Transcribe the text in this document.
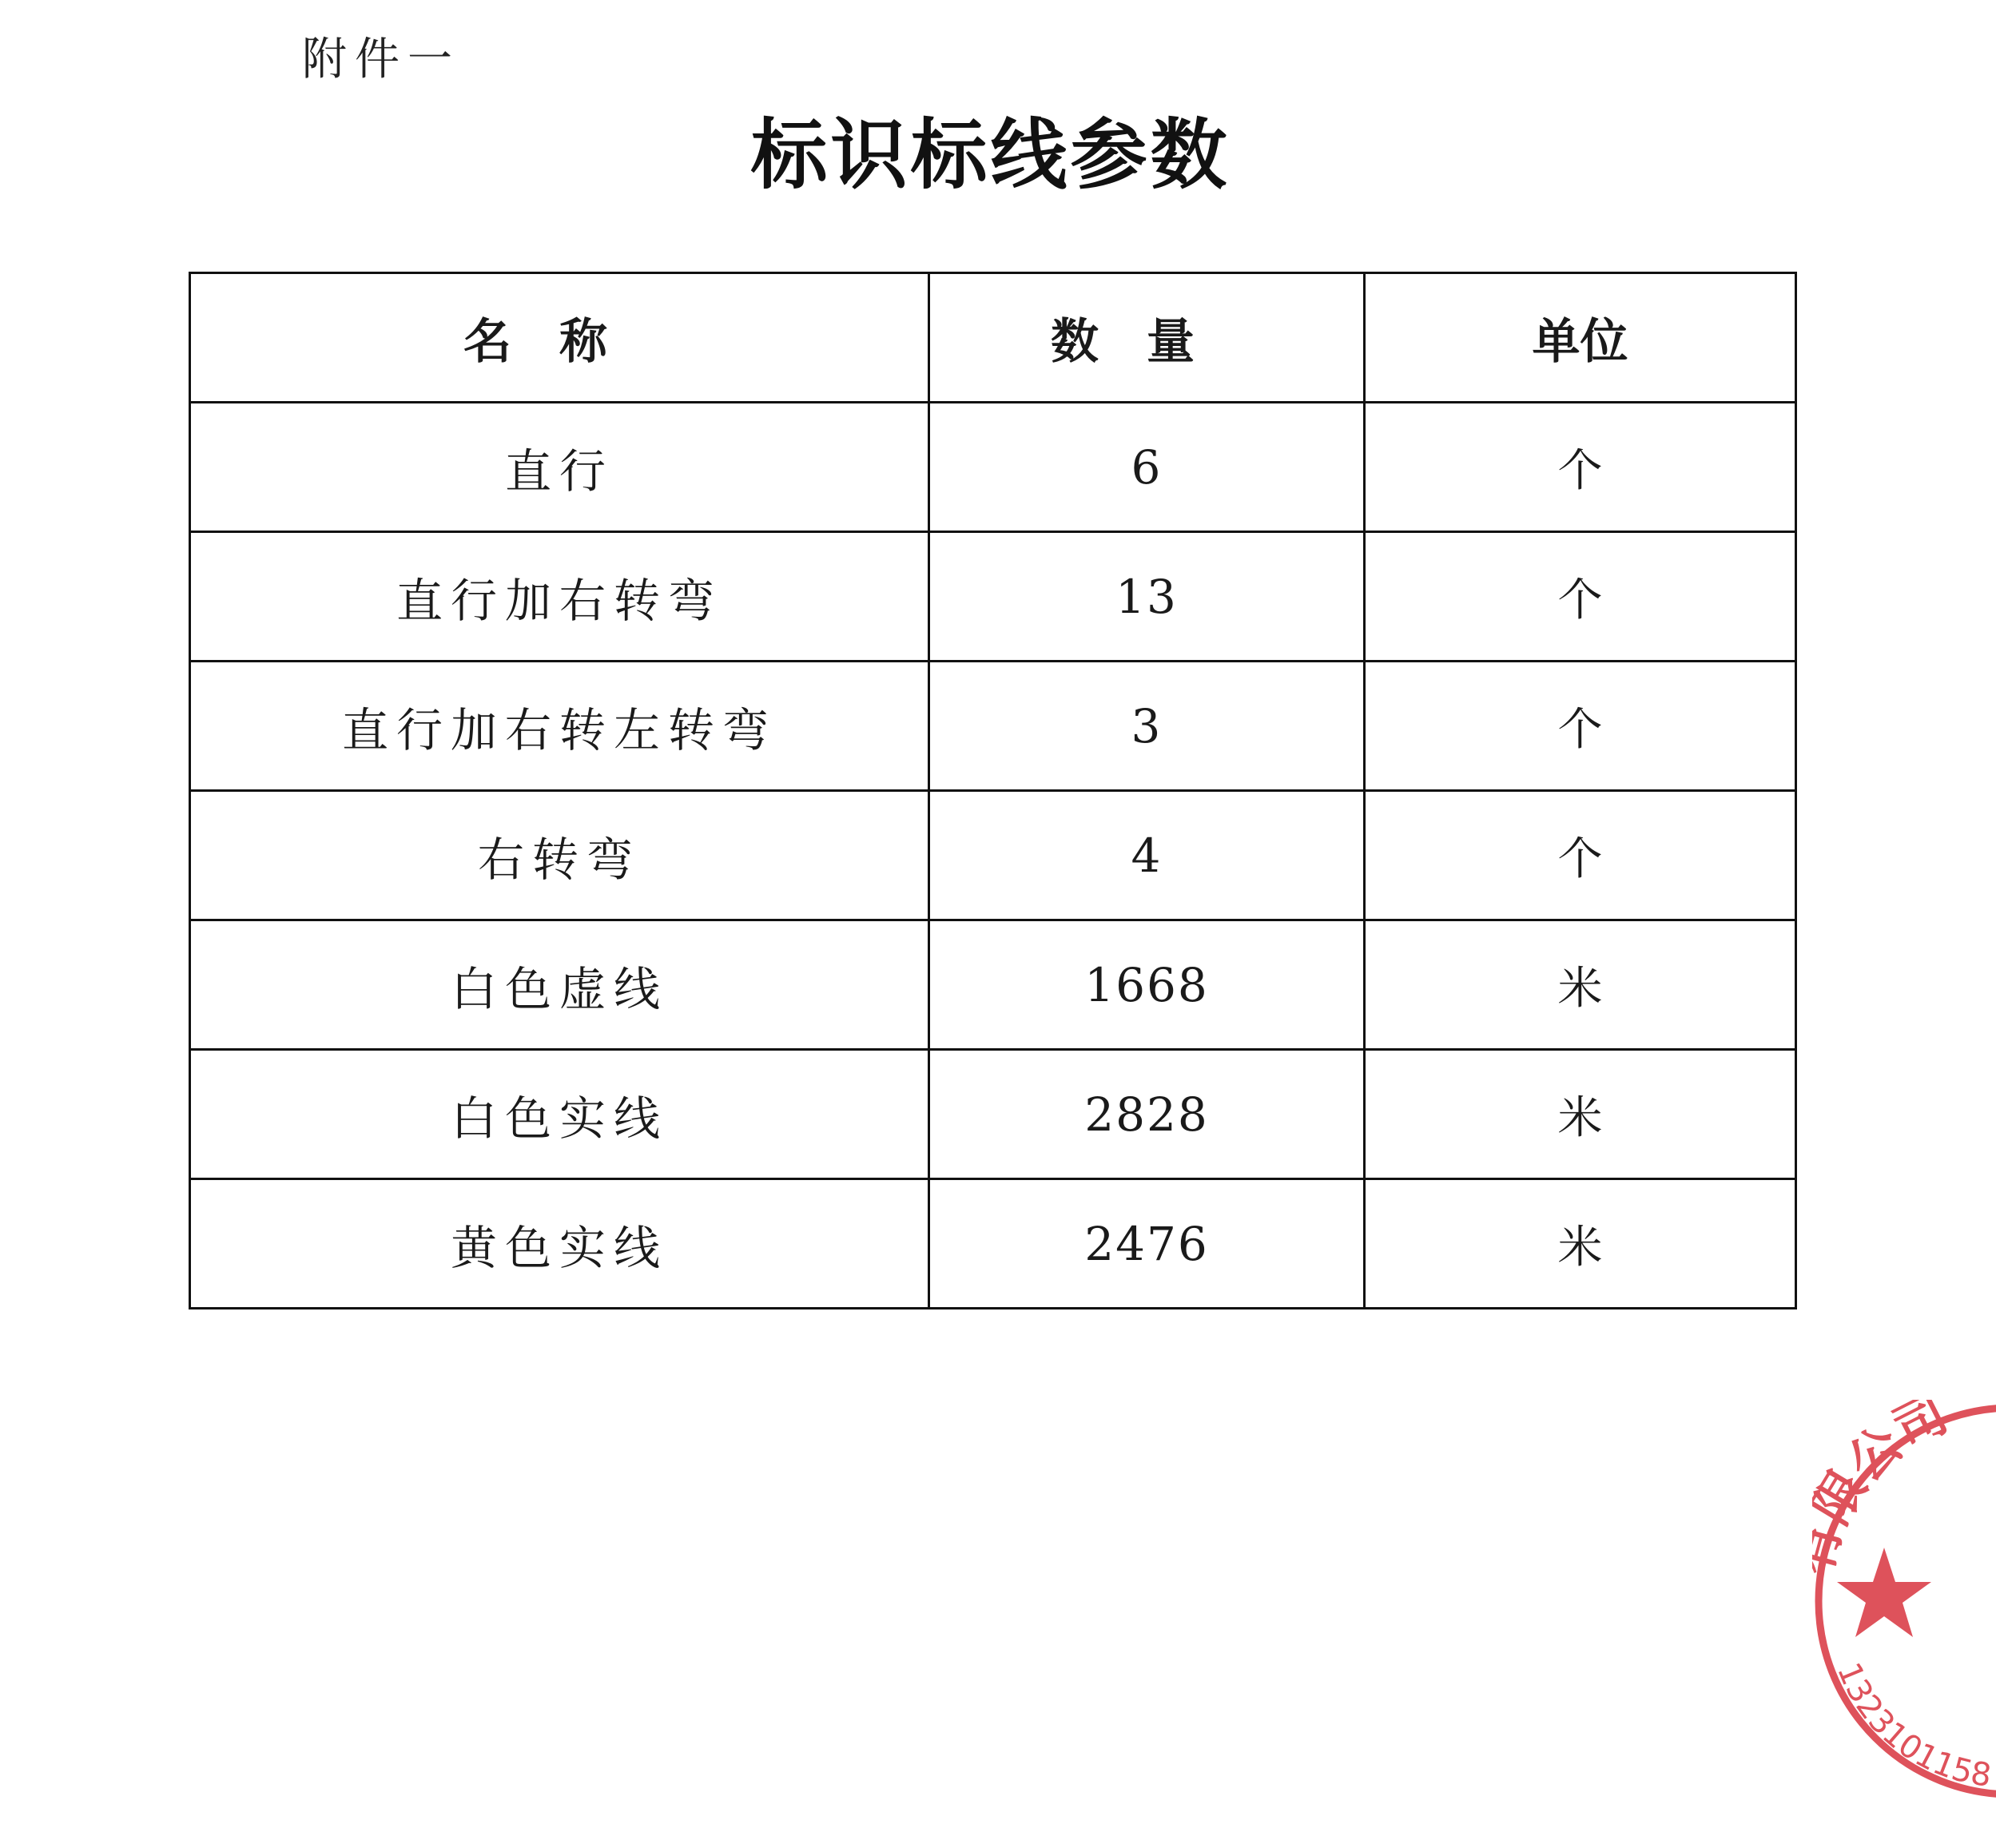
附件一
标识标线参数
名称	数量	单位
直行	6	个
直行加右转弯	13	个
直行加右转左转弯	3	个
右转弯	4	个
白色虚线	1668	米
白色实线	2828	米
黄色实线	2476	米
公司
1323101158
